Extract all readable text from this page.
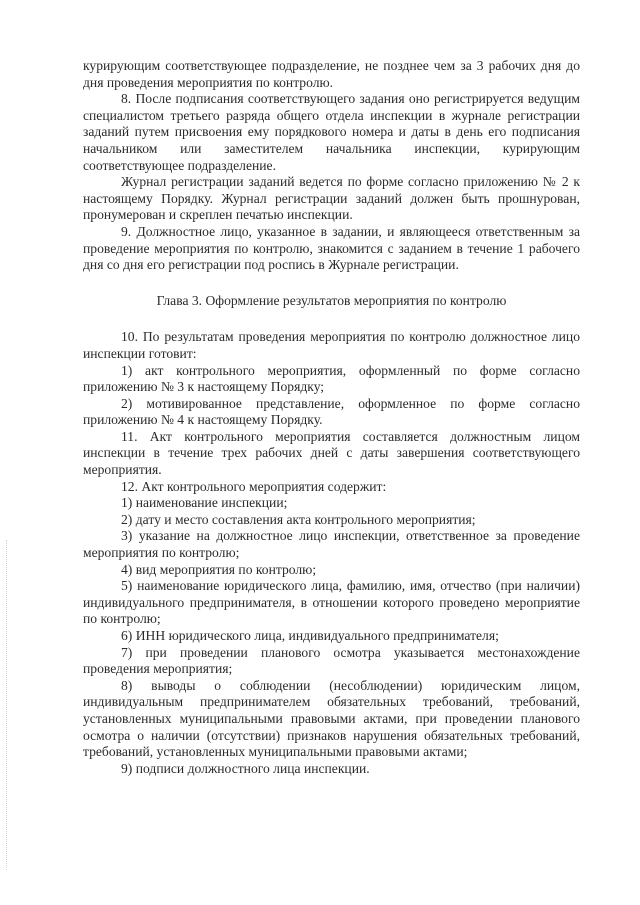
курирующим соответствующее подразделение, не позднее чем за 3 рабочих дня до дня проведения мероприятия по контролю.

8. После подписания соответствующего задания оно регистрируется ведущим специалистом третьего разряда общего отдела инспекции в журнале регистрации заданий путем присвоения ему порядкового номера и даты в день его подписания начальником или заместителем начальника инспекции, курирующим соответствующее подразделение.

Журнал регистрации заданий ведется по форме согласно приложению № 2 к настоящему Порядку. Журнал регистрации заданий должен быть прошнурован, пронумерован и скреплен печатью инспекции.

9. Должностное лицо, указанное в задании, и являющееся ответственным за проведение мероприятия по контролю, знакомится с заданием в течение 1 рабочего дня со дня его регистрации под роспись в Журнале регистрации.

Глава 3. Оформление результатов мероприятия по контролю

10. По результатам проведения мероприятия по контролю должностное лицо инспекции готовит:

1) акт контрольного мероприятия, оформленный по форме согласно приложению № 3 к настоящему Порядку;

2) мотивированное представление, оформленное по форме согласно приложению № 4 к настоящему Порядку.

11. Акт контрольного мероприятия составляется должностным лицом инспекции в течение трех рабочих дней с даты завершения соответствующего мероприятия.

12. Акт контрольного мероприятия содержит:

1) наименование инспекции;

2) дату и место составления акта контрольного мероприятия;

3) указание на должностное лицо инспекции, ответственное за проведение мероприятия по контролю;

4) вид мероприятия по контролю;

5) наименование юридического лица, фамилию, имя, отчество (при наличии) индивидуального предпринимателя, в отношении которого проведено мероприятие по контролю;

6) ИНН юридического лица, индивидуального предпринимателя;

7) при проведении планового осмотра указывается местонахождение проведения мероприятия;

8) выводы о соблюдении (несоблюдении) юридическим лицом, индивидуальным предпринимателем обязательных требований, требований, установленных муниципальными правовыми актами, при проведении планового осмотра о наличии (отсутствии) признаков нарушения обязательных требований, требований, установленных муниципальными правовыми актами;

9) подписи должностного лица инспекции.
